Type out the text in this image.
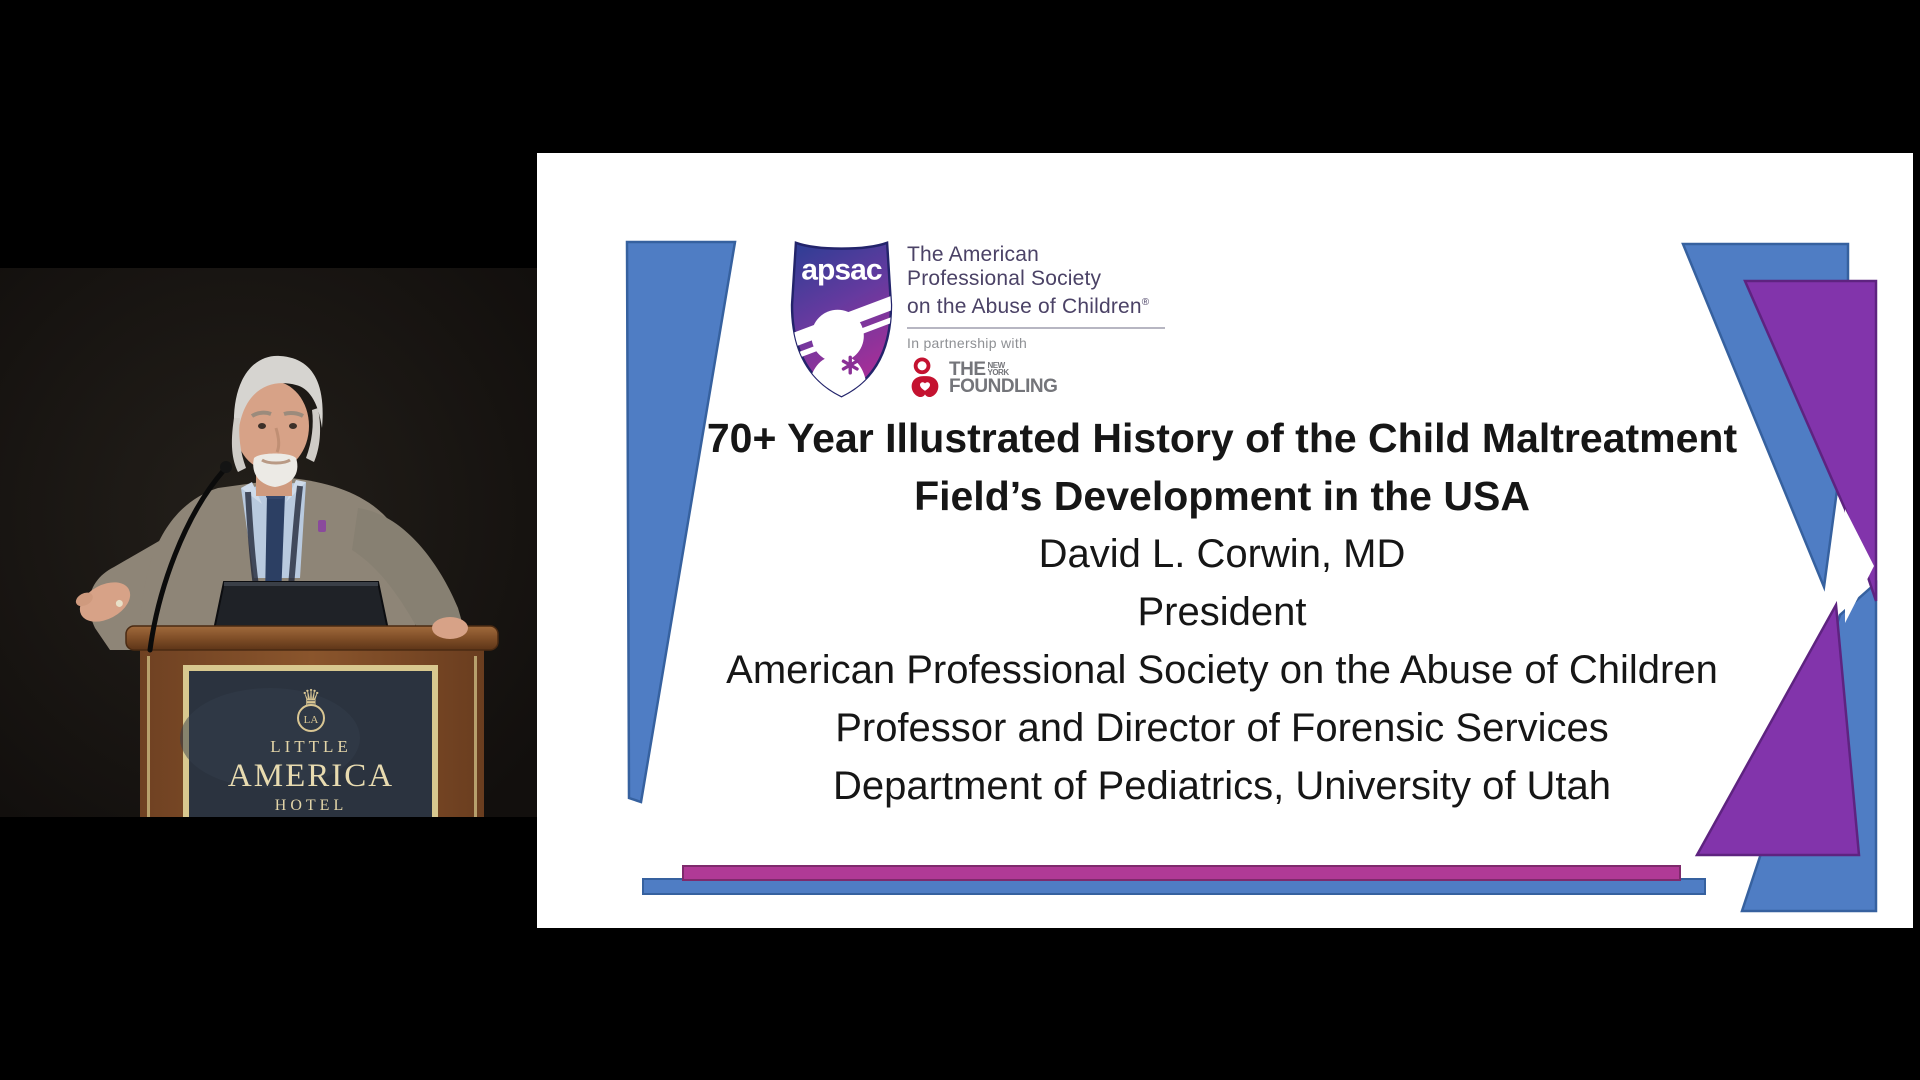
♛
LA
LITTLE
AMERICA
HOTEL
apsac The American
Professional Society
on the Abuse of Children®
In partnership with
THE NEW
YORK
FOUNDLING
70+ Year Illustrated History of the Child Maltreatment
Field’s Development in the USA
David L. Corwin, MD
President
American Professional Society on the Abuse of Children
Professor and Director of Forensic Services
Department of Pediatrics, University of Utah
